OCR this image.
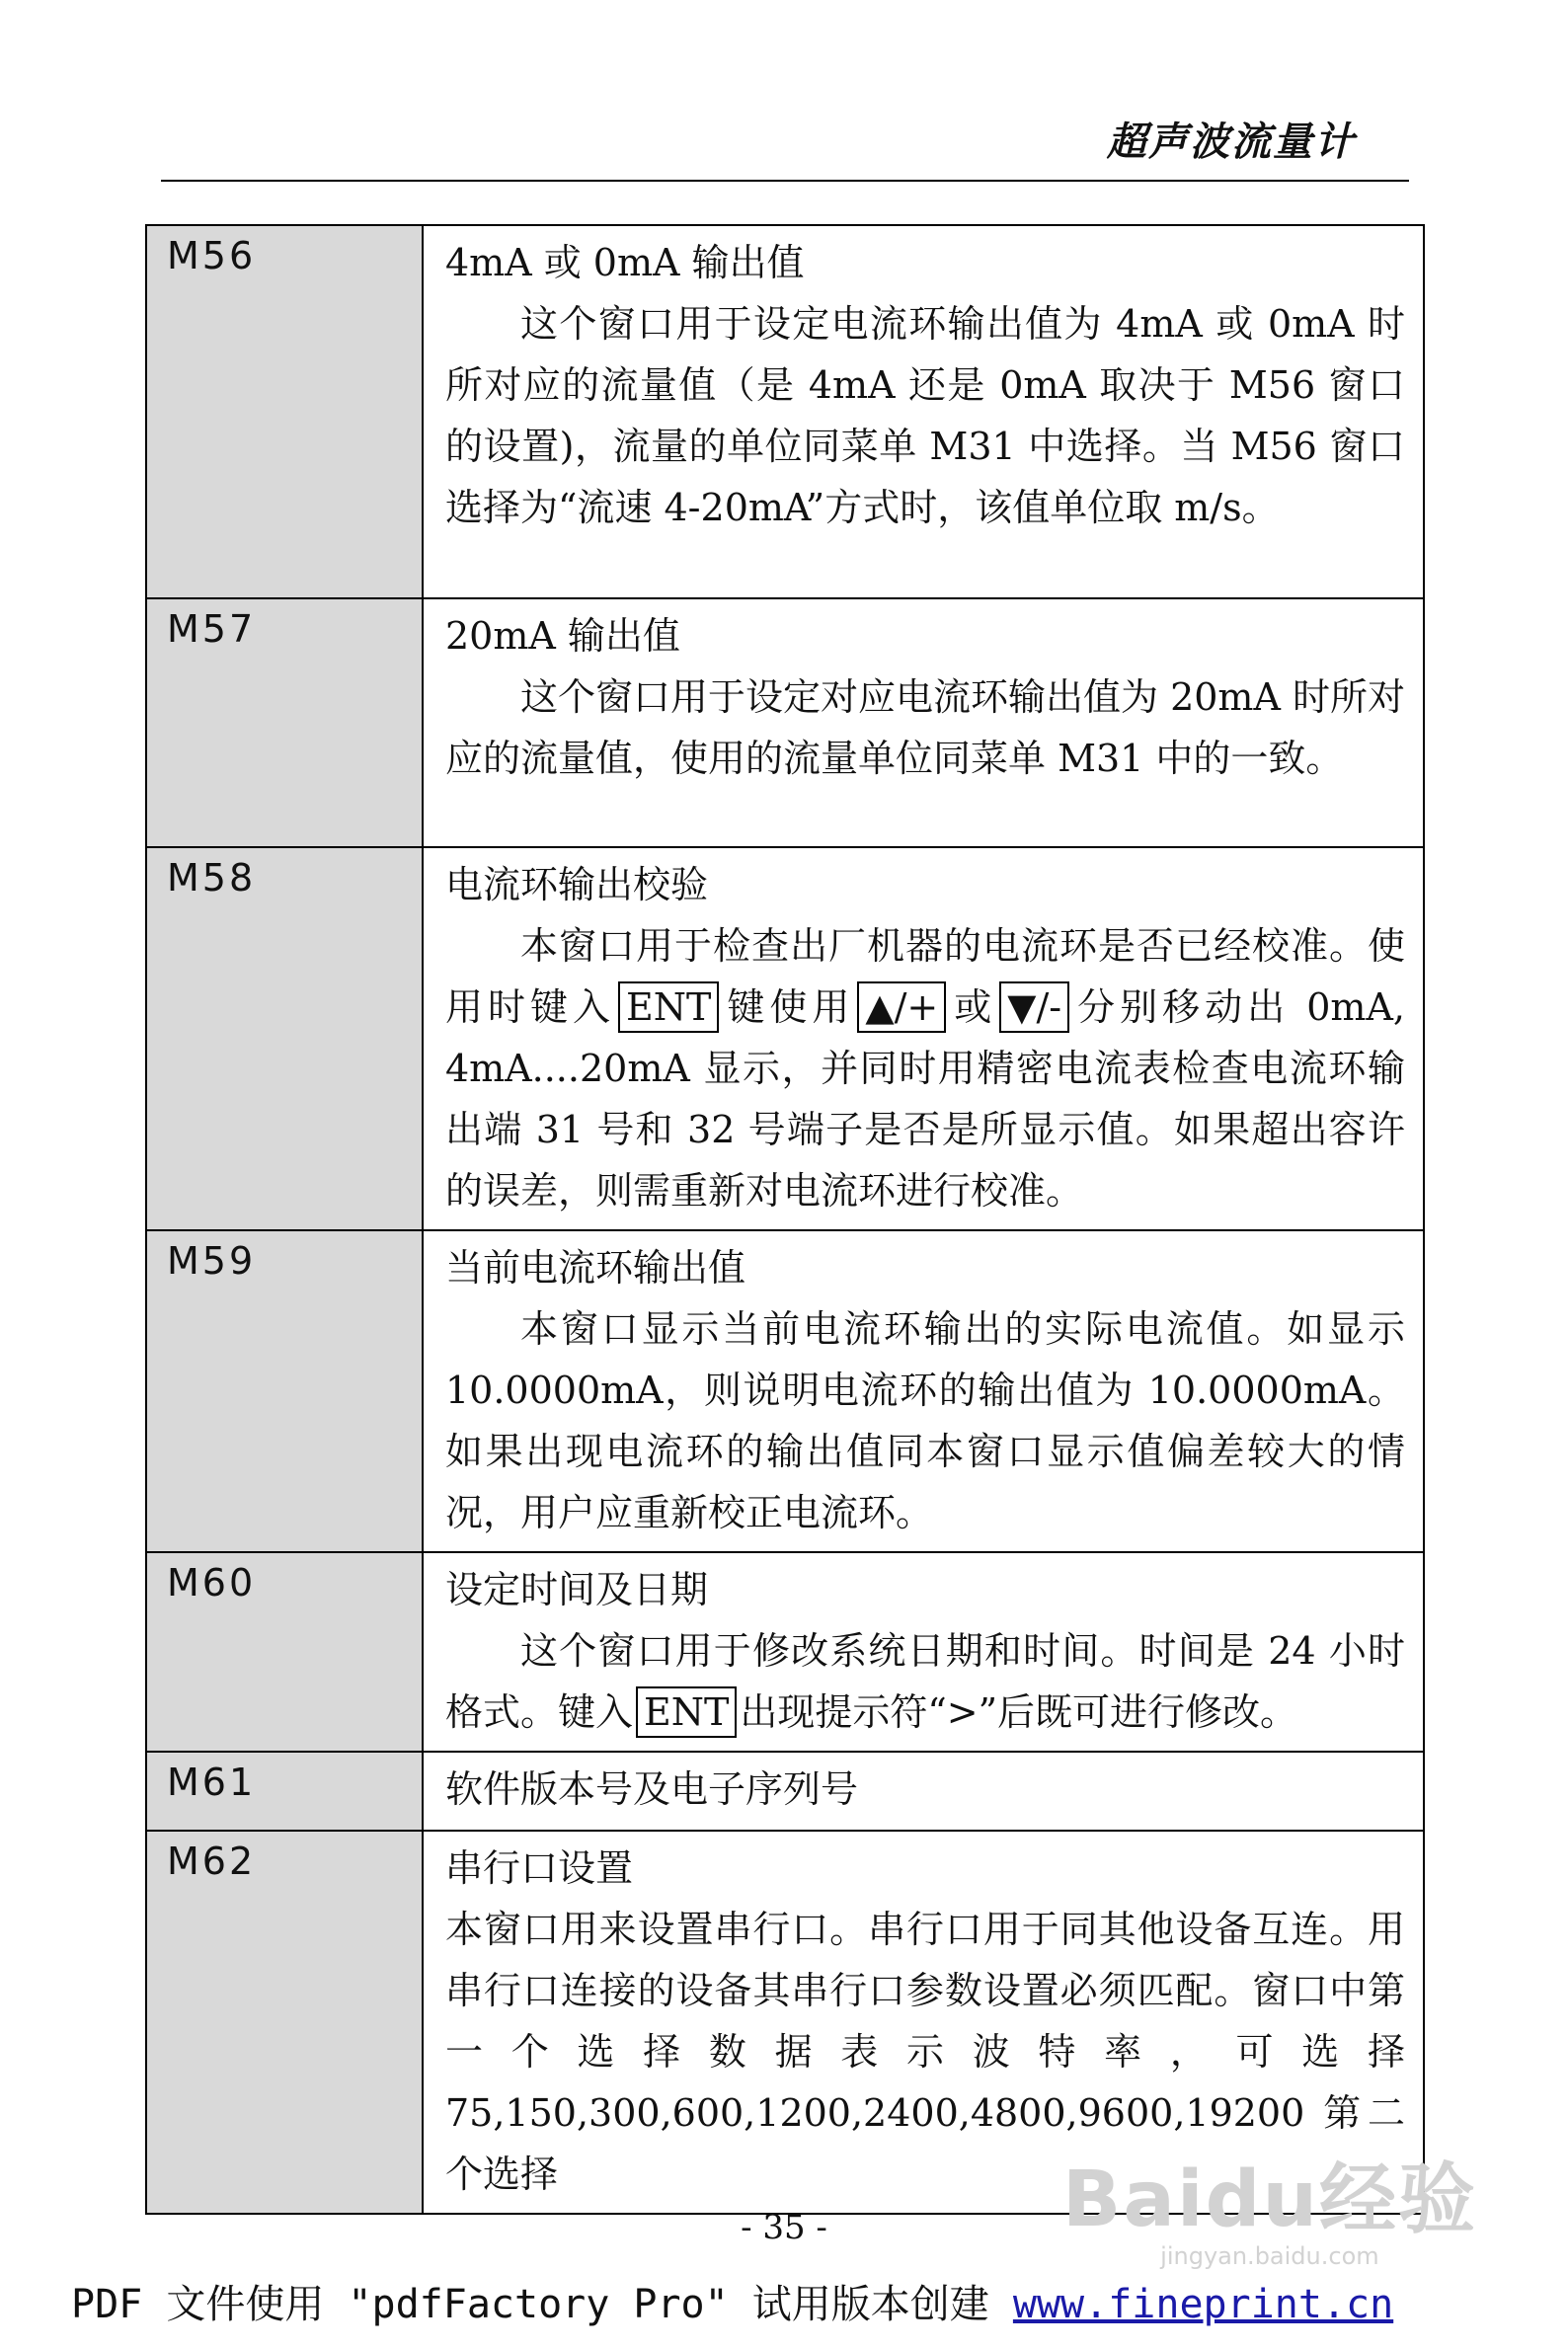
超声波流量计
M56	4mA 或 0mA 输出值
这个窗口用于设定电流环输出值为 4mA 或 0mA 时所对应的流量值（是 4mA 还是 0mA 取决于 M56 窗口的设置)，流量的单位同菜单 M31 中选择。当 M56 窗口选择为“流速 4-20mA”方式时，该值单位取 m/s。

M57	20mA 输出值
这个窗口用于设定对应电流环输出值为 20mA 时所对应的流量值，使用的流量单位同菜单 M31 中的一致。

M58	电流环输出校验
本窗口用于检查出厂机器的电流环是否已经校准。使用时键入 ENT 键使用 ▲/+ 或 ▼/- 分别移动出 0mA, 4mA....20mA 显示，并同时用精密电流表检查电流环输出端 31 号和 32 号端子是否是所显示值。如果超出容许的误差，则需重新对电流环进行校准。

M59	当前电流环输出值
本窗口显示当前电流环输出的实际电流值。如显示 10.0000mA，则说明电流环的输出值为 10.0000mA。如果出现电流环的输出值同本窗口显示值偏差较大的情况，用户应重新校正电流环。

M60	设定时间及日期
这个窗口用于修改系统日期和时间。时间是 24 小时格式。键入 ENT 出现提示符“>”后既可进行修改。

M61	软件版本号及电子序列号

M62	串行口设置
本窗口用来设置串行口。串行口用于同其他设备互连。用串行口连接的设备其串行口参数设置必须匹配。窗口中第一个选择数据表示波特率，可选择 75,150,300,600,1200,2400,4800,9600,19200 第二个选择
- 35 -	Baidu经验
jingyan.baidu.com
PDF 文件使用 "pdfFactory Pro" 试用版本创建 www.fineprint.cn
